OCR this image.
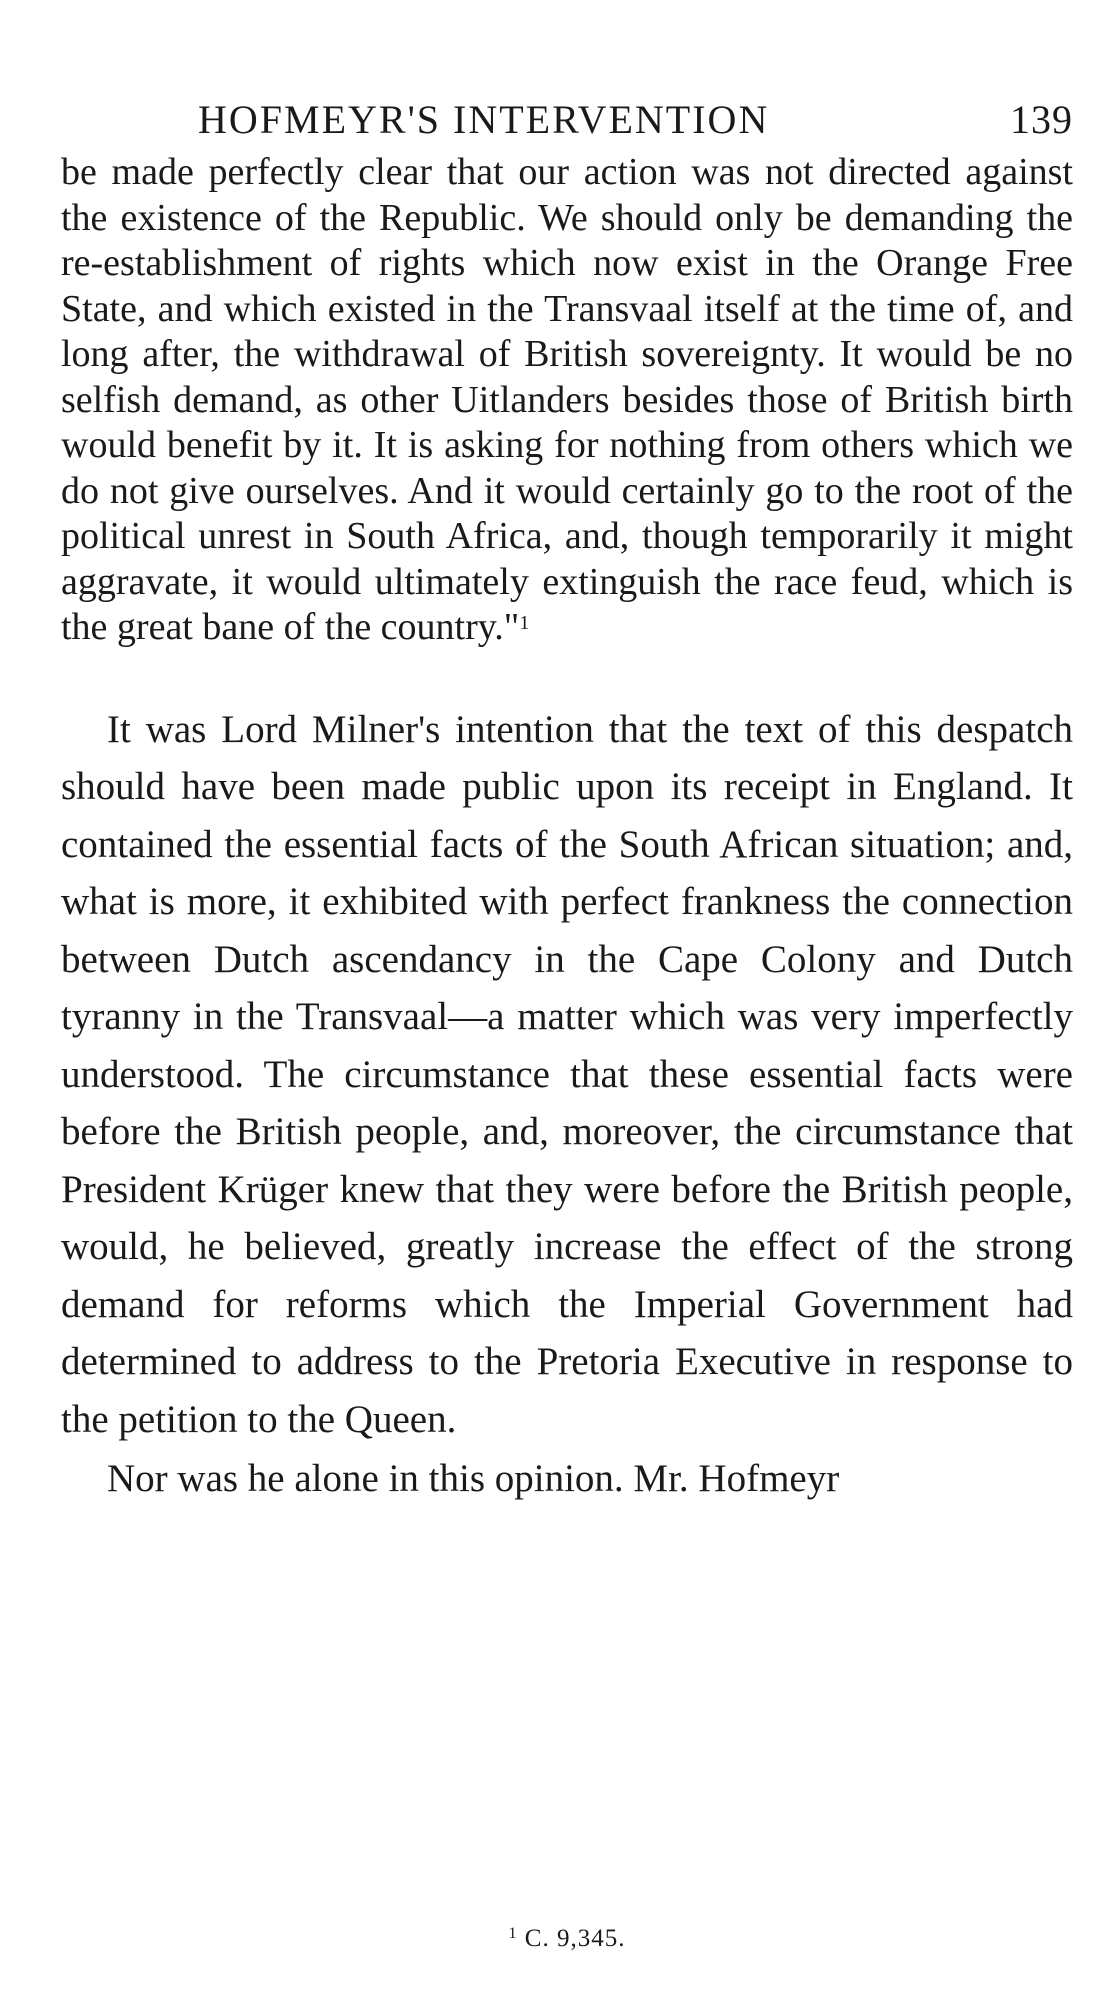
HOFMEYR'S INTERVENTION	139

be made perfectly clear that our action was not directed against the existence of the Republic. We should only be demanding the re-establishment of rights which now exist in the Orange Free State, and which existed in the Transvaal itself at the time of, and long after, the withdrawal of British sovereignty. It would be no selfish demand, as other Uitlanders besides those of British birth would benefit by it. It is asking for nothing from others which we do not give ourselves. And it would certainly go to the root of the political unrest in South Africa, and, though temporarily it might aggravate, it would ultimately extinguish the race feud, which is the great bane of the country."$^1$

It was Lord Milner's intention that the text of this despatch should have been made public upon its receipt in England. It contained the essential facts of the South African situation; and, what is more, it exhibited with perfect frankness the connection between Dutch ascendancy in the Cape Colony and Dutch tyranny in the Transvaal—a matter which was very imperfectly understood. The circumstance that these essential facts were before the British people, and, moreover, the circumstance that President Krüger knew that they were before the British people, would, he believed, greatly increase the effect of the strong demand for reforms which the Imperial Government had determined to address to the Pretoria Executive in response to the petition to the Queen.

Nor was he alone in this opinion. Mr. Hofmeyr

$^1$ C. 9,345.
